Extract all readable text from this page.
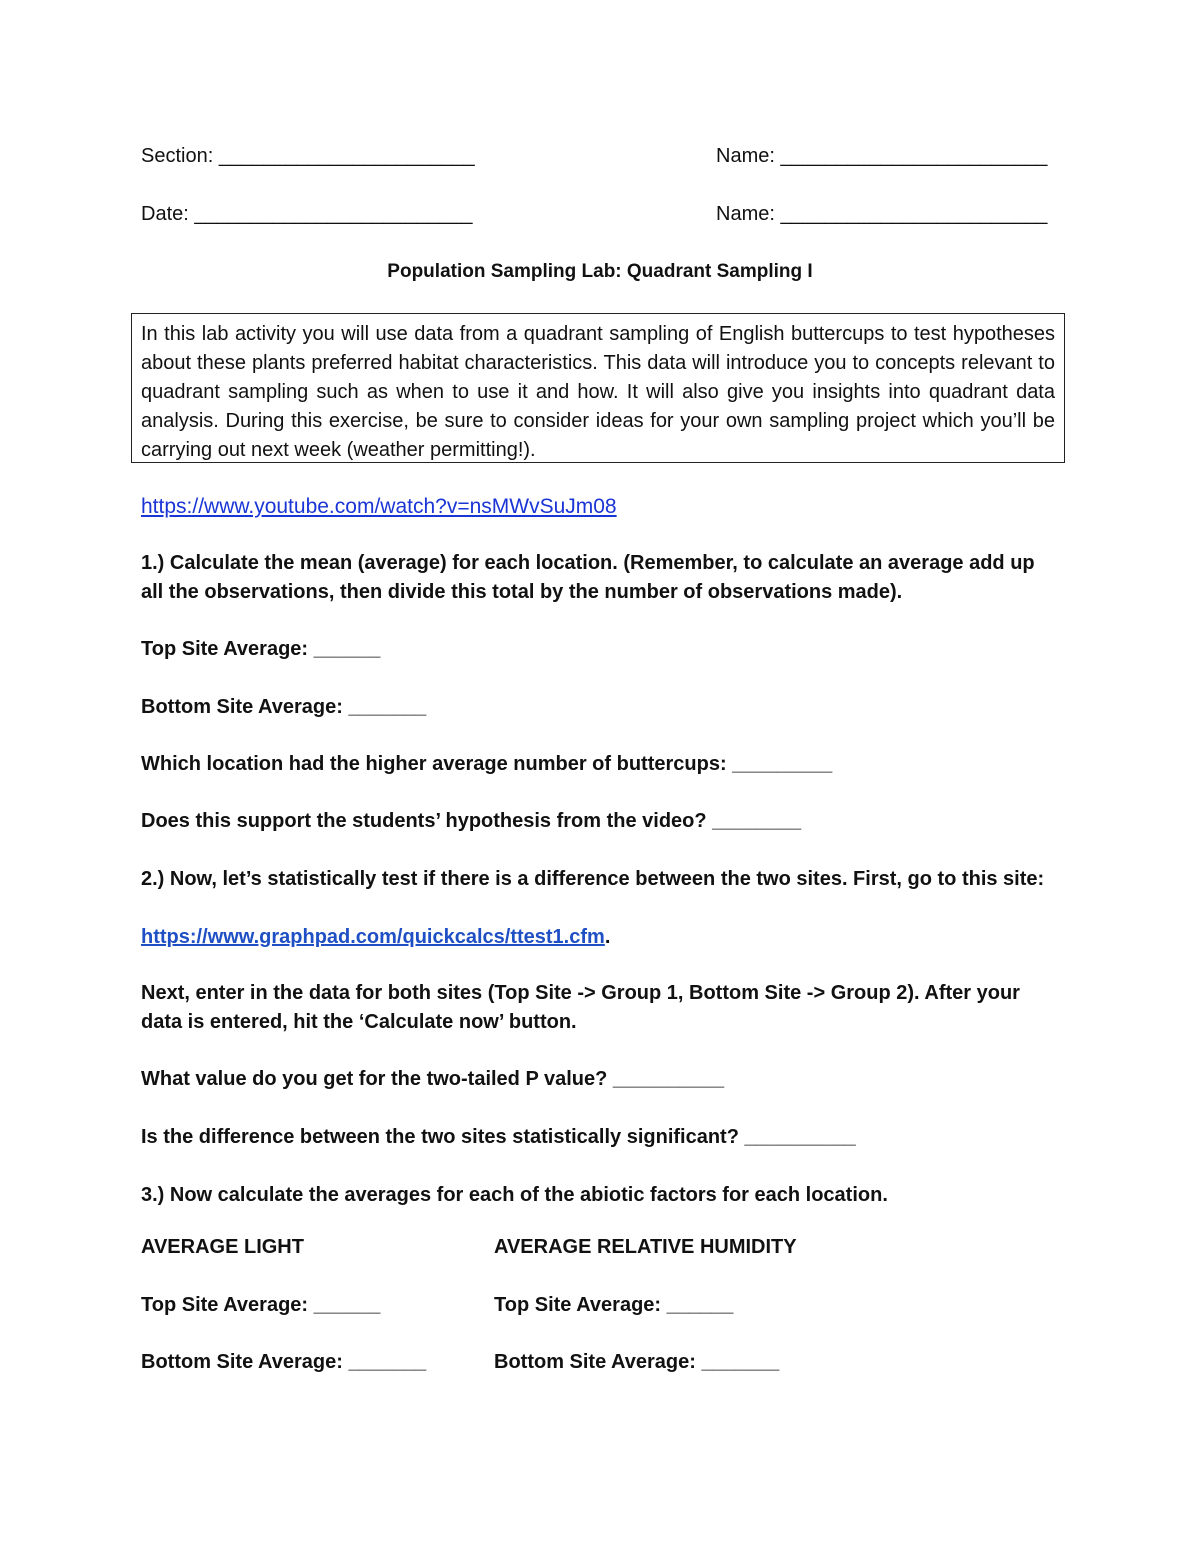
Section: _______________________	Name: ________________________
Date: _________________________	Name: ________________________
Population Sampling Lab: Quadrant Sampling I
In this lab activity you will use data from a quadrant sampling of English buttercups to test hypotheses about these plants preferred habitat characteristics. This data will introduce you to concepts relevant to quadrant sampling such as when to use it and how. It will also give you insights into quadrant data analysis. During this exercise, be sure to consider ideas for your own sampling project which you’ll be carrying out next week (weather permitting!).
https://www.youtube.com/watch?v=nsMWvSuJm08
1.) Calculate the mean (average) for each location. (Remember, to calculate an average add up all the observations, then divide this total by the number of observations made).
Top Site Average: ______
Bottom Site Average: _______
Which location had the higher average number of buttercups: _________
Does this support the students’ hypothesis from the video? ________
2.) Now, let’s statistically test if there is a difference between the two sites. First, go to this site:
https://www.graphpad.com/quickcalcs/ttest1.cfm.
Next, enter in the data for both sites (Top Site -> Group 1, Bottom Site -> Group 2). After your data is entered, hit the ‘Calculate now’ button.
What value do you get for the two-tailed P value? __________
Is the difference between the two sites statistically significant? __________
3.) Now calculate the averages for each of the abiotic factors for each location.
AVERAGE LIGHT	AVERAGE RELATIVE HUMIDITY
Top Site Average: ______	Top Site Average: ______
Bottom Site Average: _______	Bottom Site Average: _______
